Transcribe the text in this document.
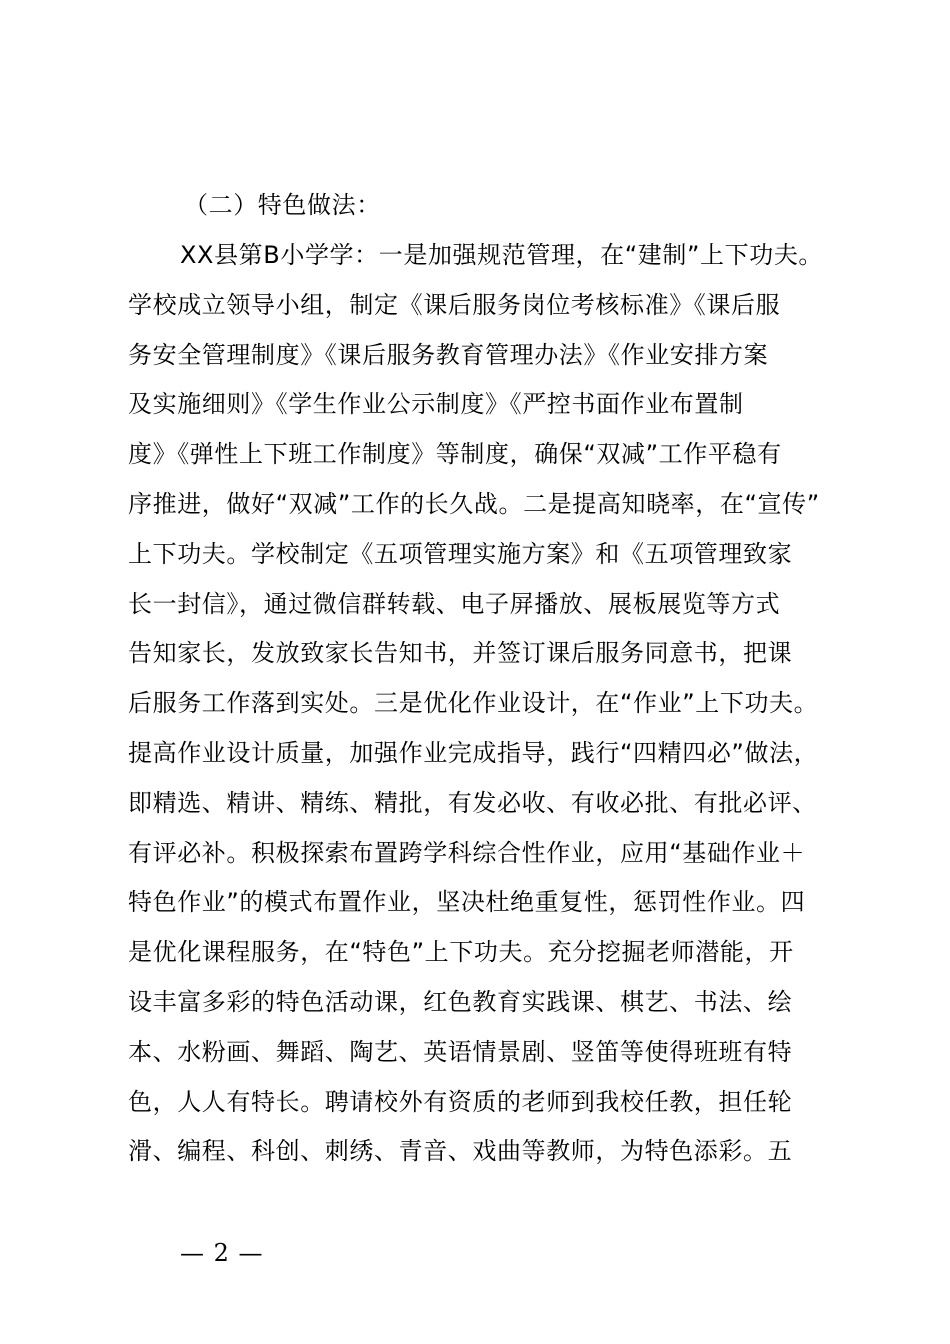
（二）特色做法：
XX县第B小学学：一是加强规范管理，在“建制”上下功夫。
学校成立领导小组，制定《课后服务岗位考核标准》《课后服
务安全管理制度》《课后服务教育管理办法》《作业安排方案
及实施细则》《学生作业公示制度》《严控书面作业布置制
度》《弹性上下班工作制度》等制度，确保“双减”工作平稳有
序推进，做好“双减”工作的长久战。二是提高知晓率，在“宣传”
上下功夫。学校制定《五项管理实施方案》和《五项管理致家
长一封信》，通过微信群转载、电子屏播放、展板展览等方式
告知家长，发放致家长告知书，并签订课后服务同意书，把课
后服务工作落到实处。三是优化作业设计，在“作业”上下功夫。
提高作业设计质量，加强作业完成指导，践行“四精四必”做法，
即精选、精讲、精练、精批，有发必收、有收必批、有批必评、
有评必补。积极探索布置跨学科综合性作业，应用“基础作业＋
特色作业”的模式布置作业，坚决杜绝重复性，惩罚性作业。四
是优化课程服务，在“特色”上下功夫。充分挖掘老师潜能，开
设丰富多彩的特色活动课，红色教育实践课、棋艺、书法、绘
本、水粉画、舞蹈、陶艺、英语情景剧、竖笛等使得班班有特
色，人人有特长。聘请校外有资质的老师到我校任教，担任轮
滑、编程、科创、刺绣、青音、戏曲等教师，为特色添彩。五
— 2 —
